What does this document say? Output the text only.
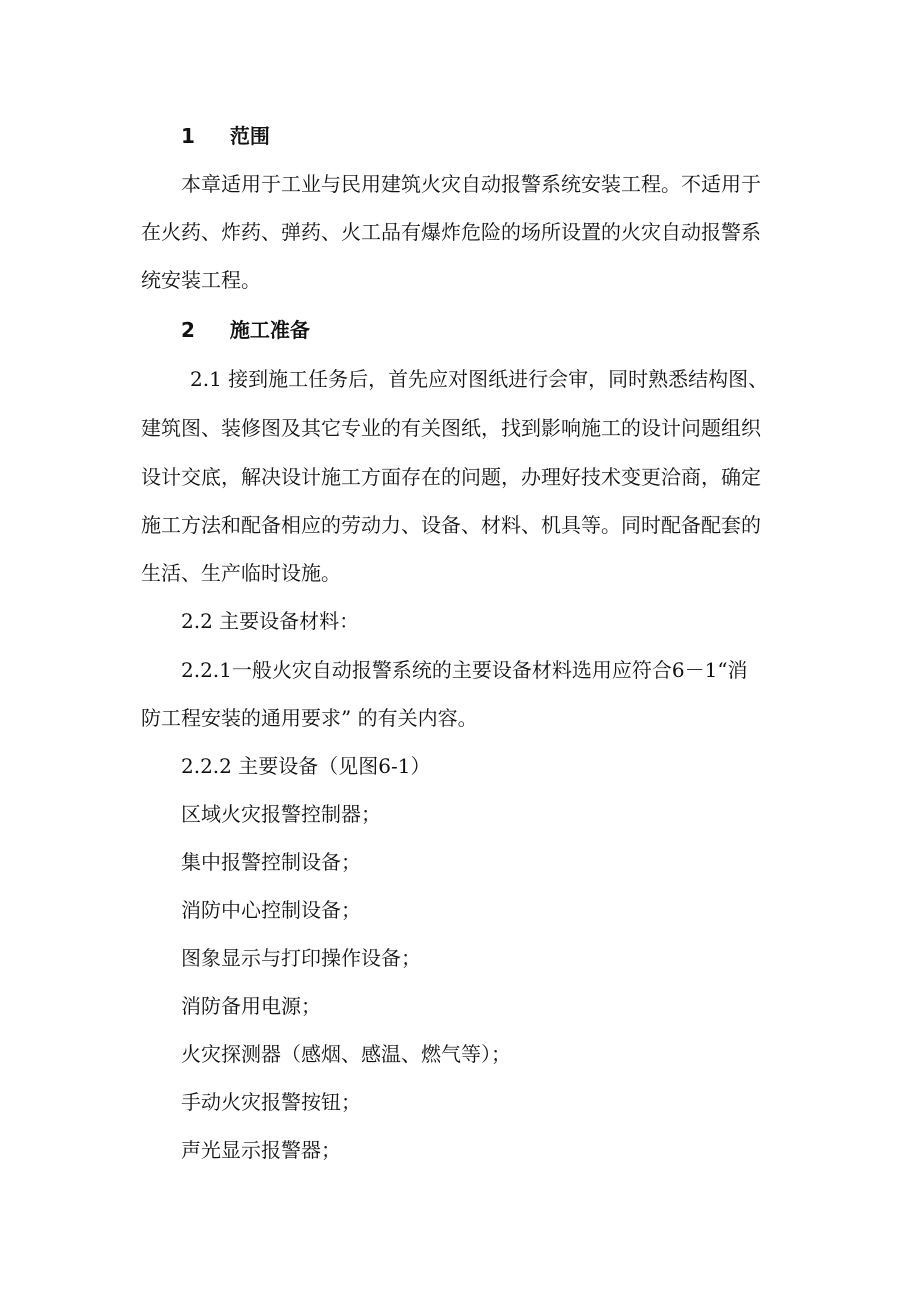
1 范围
本章适用于工业与民用建筑火灾自动报警系统安装工程。不适用于
在火药、炸药、弹药、火工品有爆炸危险的场所设置的火灾自动报警系
统安装工程。
2 施工准备
2.1 接到施工任务后，首先应对图纸进行会审，同时熟悉结构图、
建筑图、装修图及其它专业的有关图纸，找到影响施工的设计问题组织
设计交底，解决设计施工方面存在的问题，办理好技术变更洽商，确定
施工方法和配备相应的劳动力、设备、材料、机具等。同时配备配套的
生活、生产临时设施。
2.2 主要设备材料：
2.2.1一般火灾自动报警系统的主要设备材料选用应符合6－1“消
防工程安装的通用要求” 的有关内容。
2.2.2 主要设备（见图6-1）
区域火灾报警控制器；
集中报警控制设备；
消防中心控制设备；
图象显示与打印操作设备；
消防备用电源；
火灾探测器（感烟、感温、燃气等）；
手动火灾报警按钮；
声光显示报警器；
